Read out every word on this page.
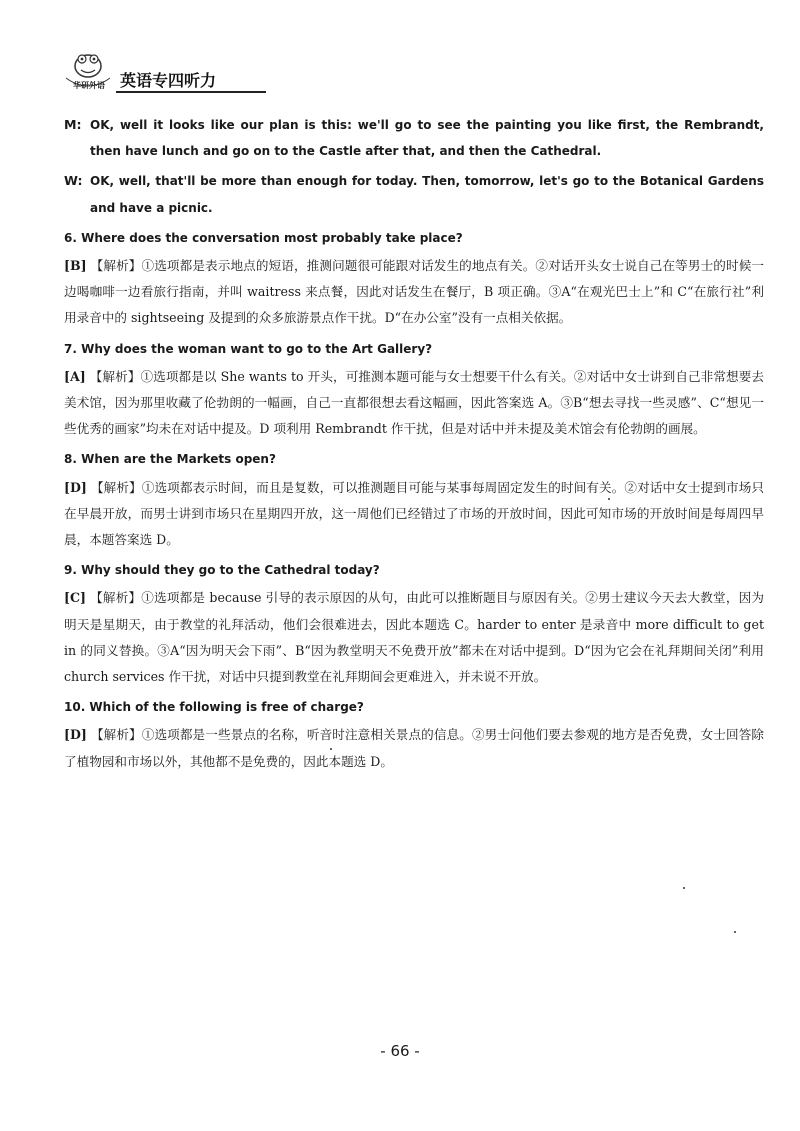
华研外语 英语专四听力
M: OK, well it looks like our plan is this: we'll go to see the painting you like first, the Rembrandt, then have lunch and go on to the Castle after that, and then the Cathedral.
W: OK, well, that'll be more than enough for today. Then, tomorrow, let's go to the Botanical Gardens and have a picnic.
6. Where does the conversation most probably take place?
[B] 【解析】①选项都是表示地点的短语，推测问题很可能跟对话发生的地点有关。②对话开头女士说自己在等男士的时候一边喝咖啡一边看旅行指南，并叫 waitress 来点餐，因此对话发生在餐厅，B 项正确。③A“在观光巴士上”和 C“在旅行社”利用录音中的 sightseeing 及提到的众多旅游景点作干扰。D“在办公室”没有一点相关依据。
7. Why does the woman want to go to the Art Gallery?
[A] 【解析】①选项都是以 She wants to 开头，可推测本题可能与女士想要干什么有关。②对话中女士讲到自己非常想要去美术馆，因为那里收藏了伦勃朗的一幅画，自己一直都很想去看这幅画，因此答案选 A。③B“想去寻找一些灵感”、C“想见一些优秀的画家”均未在对话中提及。D 项利用 Rembrandt 作干扰，但是对话中并未提及美术馆会有伦勃朗的画展。
8. When are the Markets open?
[D] 【解析】①选项都表示时间，而且是复数，可以推测题目可能与某事每周固定发生的时间有关。②对话中女士提到市场只在早晨开放，而男士讲到市场只在星期四开放，这一周他们已经错过了市场的开放时间，因此可知市场的开放时间是每周四早晨，本题答案选 D。
9. Why should they go to the Cathedral today?
[C] 【解析】①选项都是 because 引导的表示原因的从句，由此可以推断题目与原因有关。②男士建议今天去大教堂，因为明天是星期天，由于教堂的礼拜活动，他们会很难进去，因此本题选 C。harder to enter 是录音中 more difficult to get in 的同义替换。③A“因为明天会下雨”、B“因为教堂明天不免费开放”都未在对话中提到。D“因为它会在礼拜期间关闭”利用 church services 作干扰，对话中只提到教堂在礼拜期间会更难进入，并未说不开放。
10. Which of the following is free of charge?
[D] 【解析】①选项都是一些景点的名称，听音时注意相关景点的信息。②男士问他们要去参观的地方是否免费，女士回答除了植物园和市场以外，其他都不是免费的，因此本题选 D。
- 66 -
